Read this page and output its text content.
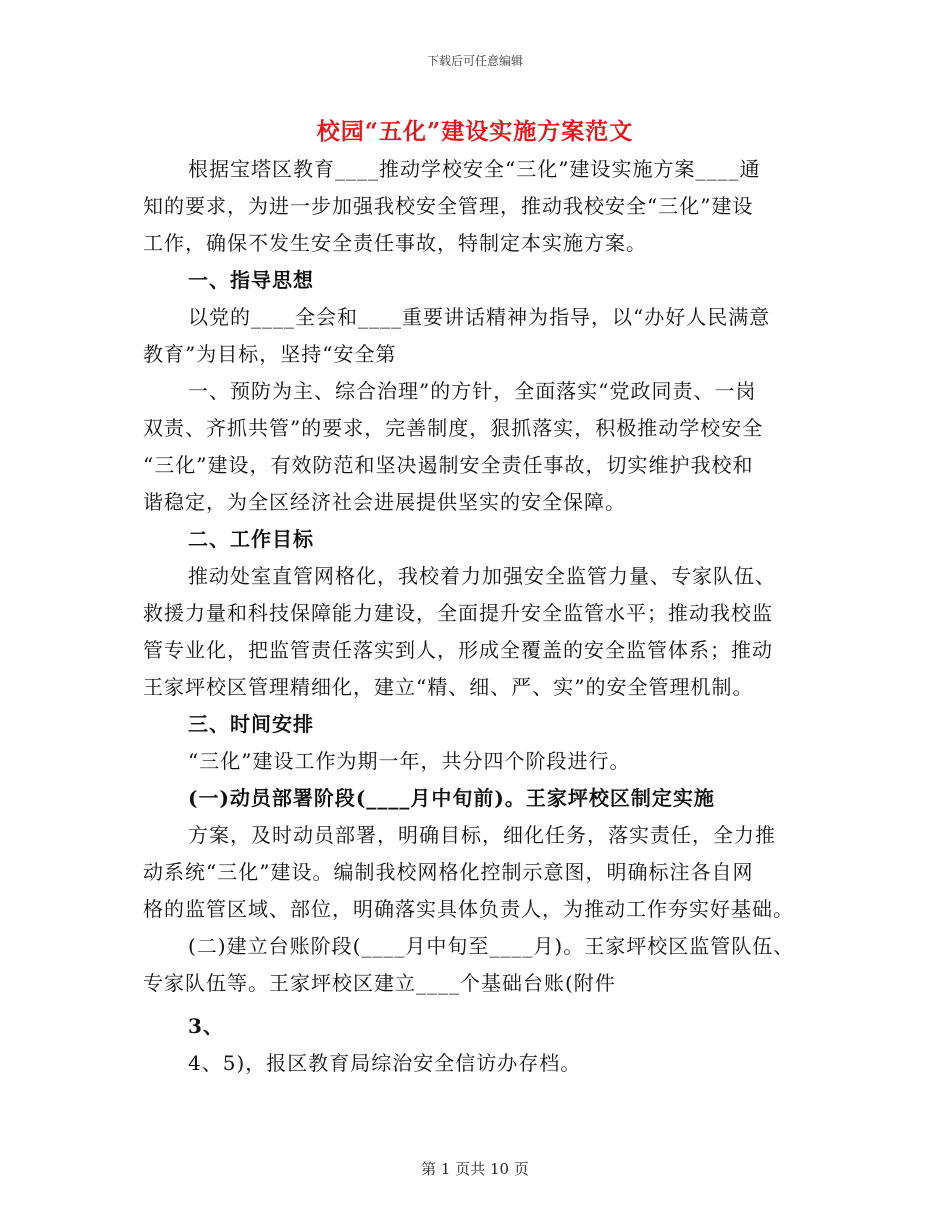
下载后可任意编辑
校园“五化”建设实施方案范文
根据宝塔区教育____推动学校安全“三化”建设实施方案____通
知的要求，为进一步加强我校安全管理，推动我校安全“三化”建设
工作，确保不发生安全责任事故，特制定本实施方案。
一、指导思想
以党的____全会和____重要讲话精神为指导，以“办好人民满意
教育”为目标，坚持“安全第
一、预防为主、综合治理”的方针，全面落实“党政同责、一岗
双责、齐抓共管”的要求，完善制度，狠抓落实，积极推动学校安全
“三化”建设，有效防范和坚决遏制安全责任事故，切实维护我校和
谐稳定，为全区经济社会进展提供坚实的安全保障。
二、工作目标
推动处室直管网格化，我校着力加强安全监管力量、专家队伍、
救援力量和科技保障能力建设，全面提升安全监管水平；推动我校监
管专业化，把监管责任落实到人，形成全覆盖的安全监管体系；推动
王家坪校区管理精细化，建立“精、细、严、实”的安全管理机制。
三、时间安排
“三化”建设工作为期一年，共分四个阶段进行。
(一)动员部署阶段(____月中旬前)。王家坪校区制定实施
方案，及时动员部署，明确目标，细化任务，落实责任，全力推
动系统“三化”建设。编制我校网格化控制示意图，明确标注各自网
格的监管区域、部位，明确落实具体负责人，为推动工作夯实好基础。
(二)建立台账阶段(____月中旬至____月)。王家坪校区监管队伍、
专家队伍等。王家坪校区建立____个基础台账(附件
3、
4、5)，报区教育局综治安全信访办存档。
第 1 页共 10 页
